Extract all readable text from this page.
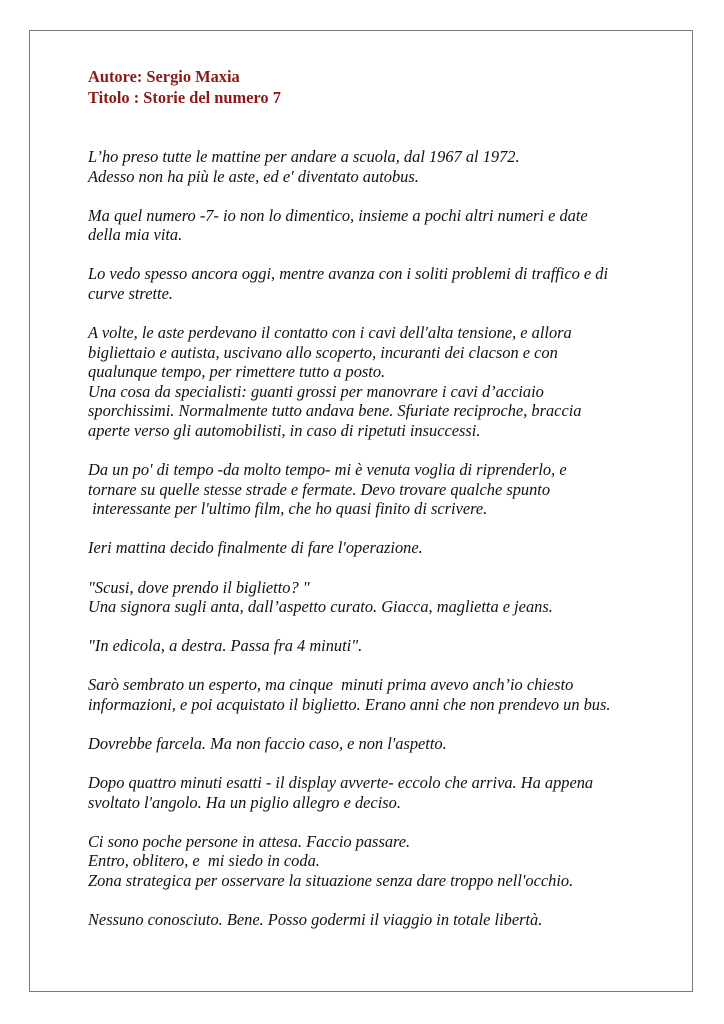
Autore: Sergio Maxia
Titolo : Storie del numero 7

L’ho preso tutte le mattine per andare a scuola, dal 1967 al 1972.
Adesso non ha più le aste, ed e' diventato autobus.

Ma quel numero -7- io non lo dimentico, insieme a pochi altri numeri e date
della mia vita.

Lo vedo spesso ancora oggi, mentre avanza con i soliti problemi di traffico e di
curve strette.

A volte, le aste perdevano il contatto con i cavi dell'alta tensione, e allora
bigliettaio e autista, uscivano allo scoperto, incuranti dei clacson e con
qualunque tempo, per rimettere tutto a posto.
Una cosa da specialisti: guanti grossi per manovrare i cavi d’acciaio
sporchissimi. Normalmente tutto andava bene. Sfuriate reciproche, braccia
aperte verso gli automobilisti, in caso di ripetuti insuccessi.

Da un po' di tempo -da molto tempo- mi è venuta voglia di riprenderlo, e
tornare su quelle stesse strade e fermate. Devo trovare qualche spunto
interessante per l'ultimo film, che ho quasi finito di scrivere.

Ieri mattina decido finalmente di fare l'operazione.

"Scusi, dove prendo il biglietto? "
Una signora sugli anta, dall’aspetto curato. Giacca, maglietta e jeans.

"In edicola, a destra. Passa fra 4 minuti".

Sarò sembrato un esperto, ma cinque  minuti prima avevo anch’io chiesto
informazioni, e poi acquistato il biglietto. Erano anni che non prendevo un bus.

Dovrebbe farcela. Ma non faccio caso, e non l'aspetto.

Dopo quattro minuti esatti - il display avverte- eccolo che arriva. Ha appena
svoltato l'angolo. Ha un piglio allegro e deciso.

Ci sono poche persone in attesa. Faccio passare.
Entro, oblitero, e  mi siedo in coda.
Zona strategica per osservare la situazione senza dare troppo nell'occhio.

Nessuno conosciuto. Bene. Posso godermi il viaggio in totale libertà.
